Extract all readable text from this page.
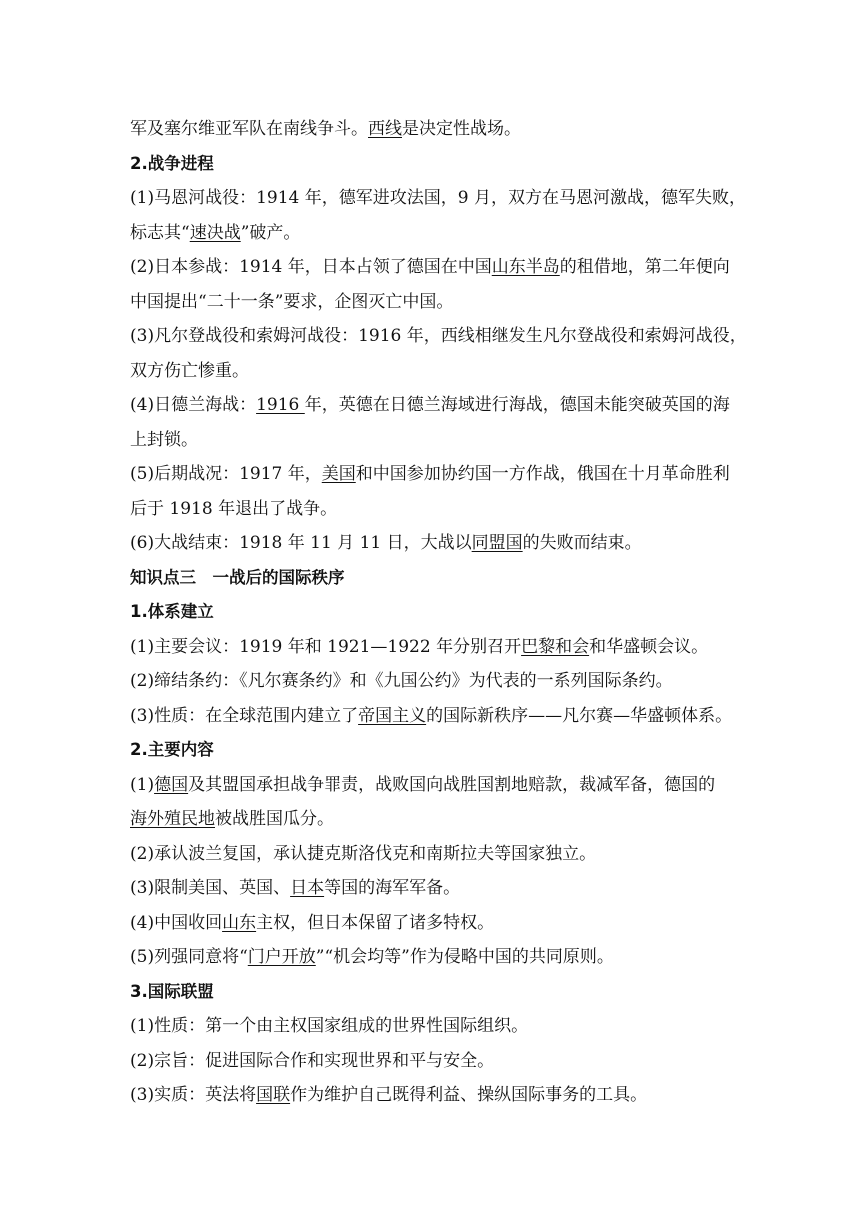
军及塞尔维亚军队在南线争斗。西线是决定性战场。
2.战争进程
(1)马恩河战役：1914 年，德军进攻法国，9 月，双方在马恩河激战，德军失败，
标志其“速决战”破产。
(2)日本参战：1914 年，日本占领了德国在中国山东半岛的租借地，第二年便向
中国提出“二十一条”要求，企图灭亡中国。
(3)凡尔登战役和索姆河战役：1916 年，西线相继发生凡尔登战役和索姆河战役，
双方伤亡惨重。
(4)日德兰海战：1916 年，英德在日德兰海域进行海战，德国未能突破英国的海
上封锁。
(5)后期战况：1917 年，美国和中国参加协约国一方作战，俄国在十月革命胜利
后于 1918 年退出了战争。
(6)大战结束：1918 年 11 月 11 日，大战以同盟国的失败而结束。
知识点三　一战后的国际秩序
1.体系建立
(1)主要会议：1919 年和 1921—1922 年分别召开巴黎和会和华盛顿会议。
(2)缔结条约：《凡尔赛条约》和《九国公约》为代表的一系列国际条约。
(3)性质：在全球范围内建立了帝国主义的国际新秩序——凡尔赛—华盛顿体系。
2.主要内容
(1)德国及其盟国承担战争罪责，战败国向战胜国割地赔款，裁减军备，德国的
海外殖民地被战胜国瓜分。
(2)承认波兰复国，承认捷克斯洛伐克和南斯拉夫等国家独立。
(3)限制美国、英国、日本等国的海军军备。
(4)中国收回山东主权，但日本保留了诸多特权。
(5)列强同意将“门户开放”“机会均等”作为侵略中国的共同原则。
3.国际联盟
(1)性质：第一个由主权国家组成的世界性国际组织。
(2)宗旨：促进国际合作和实现世界和平与安全。
(3)实质：英法将国联作为维护自己既得利益、操纵国际事务的工具。
